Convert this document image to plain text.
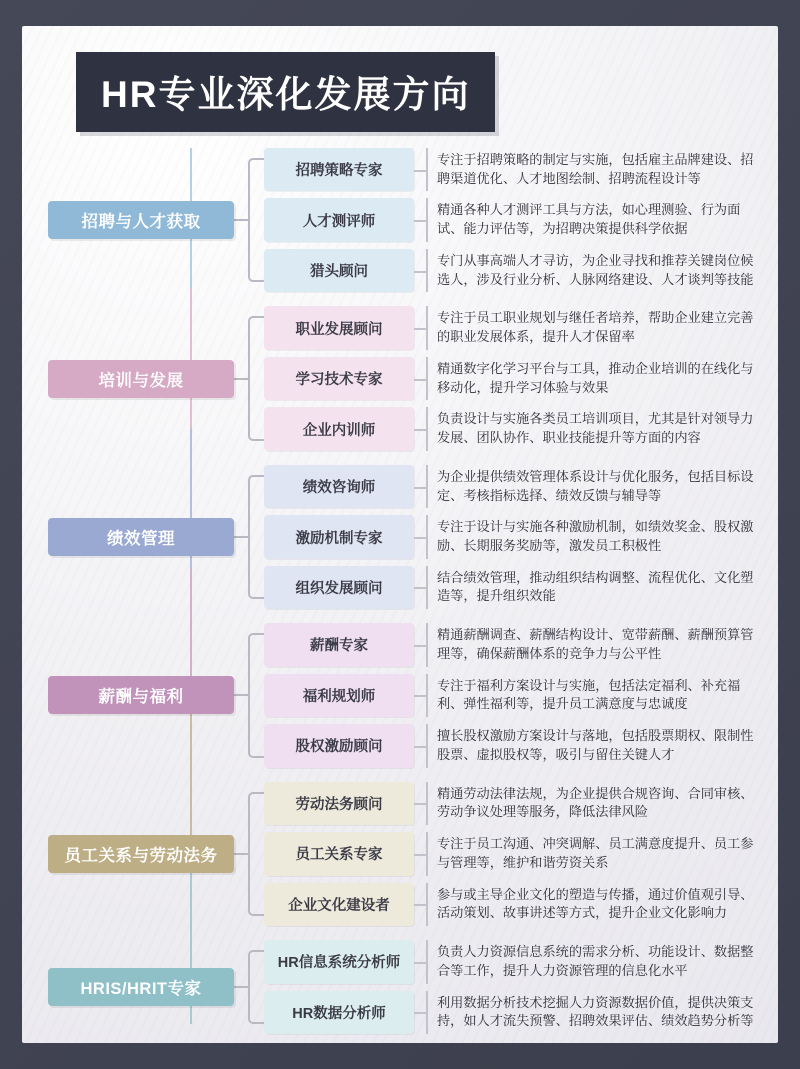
HR专业深化发展方向
招聘与人才获取
招聘策略专家
专注于招聘策略的制定与实施，包括雇主品牌建设、招聘渠道优化、人才地图绘制、招聘流程设计等
人才测评师
精通各种人才测评工具与方法，如心理测验、行为面试、能力评估等，为招聘决策提供科学依据
猎头顾问
专门从事高端人才寻访，为企业寻找和推荐关键岗位候选人，涉及行业分析、人脉网络建设、人才谈判等技能
培训与发展
职业发展顾问
专注于员工职业规划与继任者培养，帮助企业建立完善的职业发展体系，提升人才保留率
学习技术专家
精通数字化学习平台与工具，推动企业培训的在线化与移动化，提升学习体验与效果
企业内训师
负责设计与实施各类员工培训项目，尤其是针对领导力发展、团队协作、职业技能提升等方面的内容
绩效管理
绩效咨询师
为企业提供绩效管理体系设计与优化服务，包括目标设定、考核指标选择、绩效反馈与辅导等
激励机制专家
专注于设计与实施各种激励机制，如绩效奖金、股权激励、长期服务奖励等，激发员工积极性
组织发展顾问
结合绩效管理，推动组织结构调整、流程优化、文化塑造等，提升组织效能
薪酬与福利
薪酬专家
精通薪酬调查、薪酬结构设计、宽带薪酬、薪酬预算管理等，确保薪酬体系的竞争力与公平性
福利规划师
专注于福利方案设计与实施，包括法定福利、补充福利、弹性福利等，提升员工满意度与忠诚度
股权激励顾问
擅长股权激励方案设计与落地，包括股票期权、限制性股票、虚拟股权等，吸引与留住关键人才
员工关系与劳动法务
劳动法务顾问
精通劳动法律法规，为企业提供合规咨询、合同审核、劳动争议处理等服务，降低法律风险
员工关系专家
专注于员工沟通、冲突调解、员工满意度提升、员工参与管理等，维护和谐劳资关系
企业文化建设者
参与或主导企业文化的塑造与传播，通过价值观引导、活动策划、故事讲述等方式，提升企业文化影响力
HRIS/HRIT专家
HR信息系统分析师
负责人力资源信息系统的需求分析、功能设计、数据整合等工作，提升人力资源管理的信息化水平
HR数据分析师
利用数据分析技术挖掘人力资源数据价值，提供决策支持，如人才流失预警、招聘效果评估、绩效趋势分析等
